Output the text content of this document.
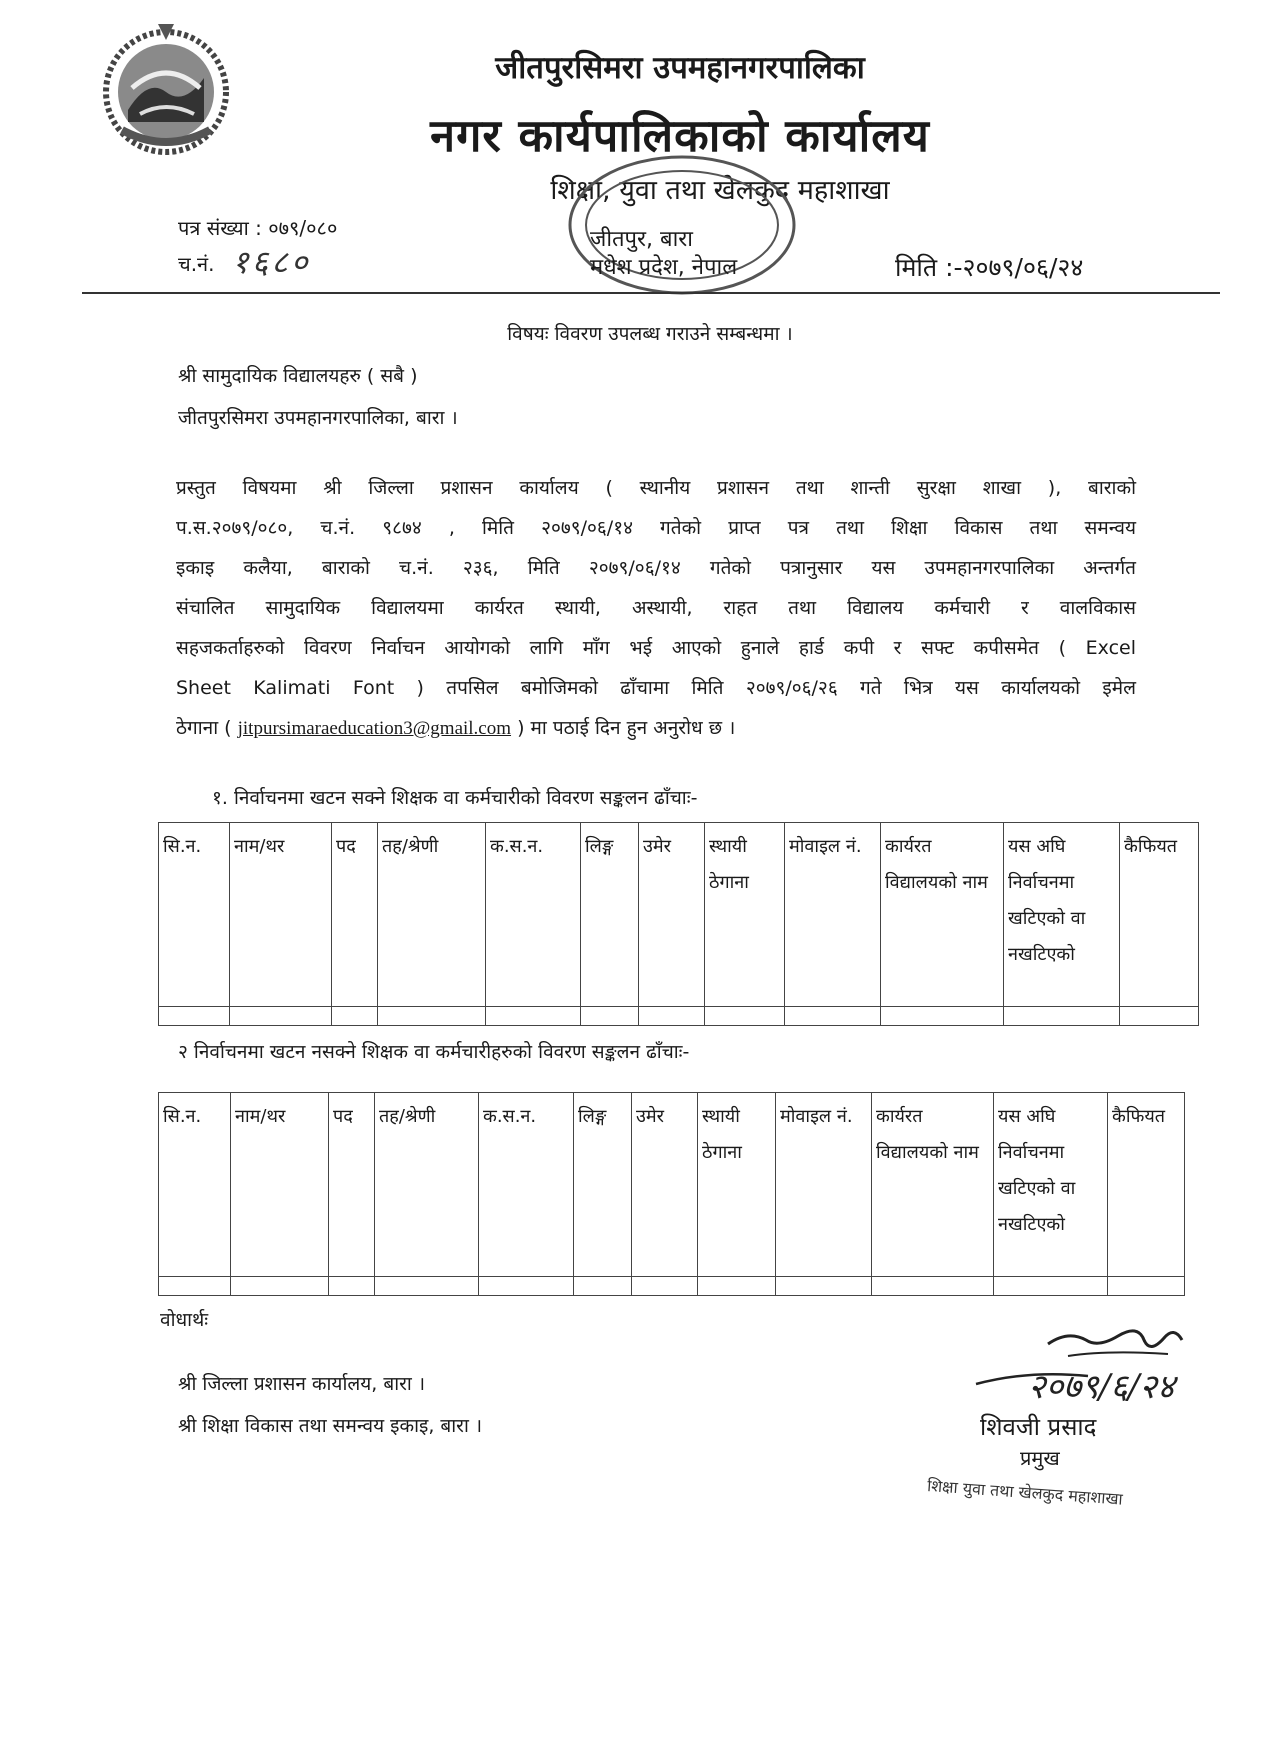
जीतपुरसिमरा उपमहानगरपालिका
नगर कार्यपालिकाको कार्यालय
शिक्षा, युवा तथा खेलकुद महाशाखा
पत्र संख्या : ०७९/०८०
च.नं. १६८०
जीतपुर, बारा
मधेश प्रदेश, नेपाल	मिति :-२०७९/०६/२४
विषयः विवरण उपलब्ध गराउने सम्बन्धमा ।
श्री सामुदायिक विद्यालयहरु ( सबै )
जीतपुरसिमरा उपमहानगरपालिका, बारा ।
प्रस्तुत विषयमा श्री जिल्ला प्रशासन कार्यालय ( स्थानीय प्रशासन तथा शान्ती सुरक्षा शाखा ), बाराको
प.स.२०७९/०८०, च.नं. ९८७४ , मिति २०७९/०६/१४ गतेको प्राप्त पत्र तथा शिक्षा विकास तथा समन्वय
इकाइ कलैया, बाराको च.नं. २३६, मिति २०७९/०६/१४ गतेको पत्रानुसार यस उपमहानगरपालिका अन्तर्गत
संचालित सामुदायिक विद्यालयमा कार्यरत स्थायी, अस्थायी, राहत तथा विद्यालय कर्मचारी र वालविकास
सहजकर्ताहरुको विवरण निर्वाचन आयोगको लागि माँग भई आएको हुनाले हार्ड कपी र सफ्ट कपीसमेत ( Excel
Sheet Kalimati Font ) तपसिल बमोजिमको ढाँचामा मिति २०७९/०६/२६ गते भित्र यस कार्यालयको इमेल
ठेगाना ( jitpursimaraeducation3@gmail.com ) मा पठाई दिन हुन अनुरोध छ ।
१. निर्वाचनमा खटन सक्ने शिक्षक वा कर्मचारीको विवरण सङ्कलन ढाँचाः-
सि.न.	नाम/थर	पद	तह/श्रेणी	क.स.न.	लिङ्ग	उमेर	स्थायी ठेगाना	मोवाइल नं.	कार्यरत विद्यालयको नाम	यस अघि निर्वाचनमा खटिएको वा नखटिएको	कैफियत

२ निर्वाचनमा खटन नसक्ने शिक्षक वा कर्मचारीहरुको विवरण सङ्कलन ढाँचाः-
सि.न.	नाम/थर	पद	तह/श्रेणी	क.स.न.	लिङ्ग	उमेर	स्थायी ठेगाना	मोवाइल नं.	कार्यरत विद्यालयको नाम	यस अघि निर्वाचनमा खटिएको वा नखटिएको	कैफियत

वोधार्थः
श्री जिल्ला प्रशासन कार्यालय, बारा ।
श्री शिक्षा विकास तथा समन्वय इकाइ, बारा ।
२०७९/६/२४
शिवजी प्रसाद
प्रमुख
शिक्षा युवा तथा खेलकुद महाशाखा
